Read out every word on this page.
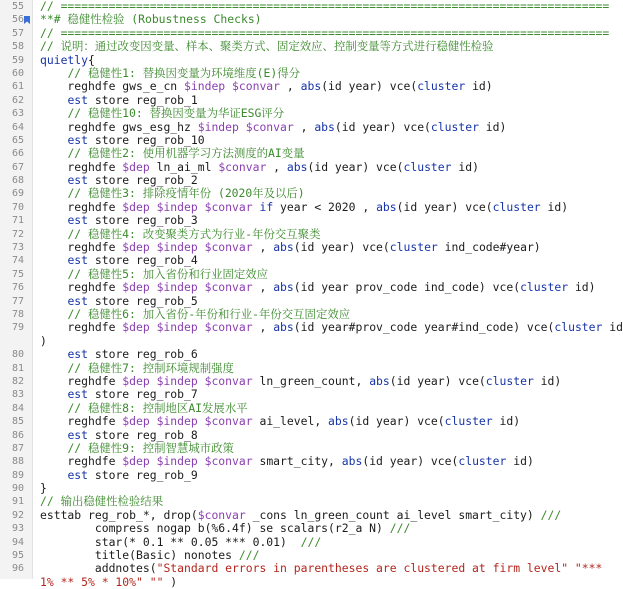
55 // ================================================================================
56 **# 稳健性检验 (Robustness Checks)
57 // ================================================================================
58 // 说明：通过改变因变量、样本、聚类方式、固定效应、控制变量等方式进行稳健性检验
59 quietly{
60	// 稳健性1: 替换因变量为环境维度(E)得分
61 reghdfe gws_e_cn $indep $convar , abs(id year) vce(cluster id)
62	est store reg_rob_1
63	// 稳健性10: 替换因变量为华证ESG评分
64 reghdfe gws_esg_hz $indep $convar , abs(id year) vce(cluster id)
65	est store reg_rob_10
66	// 稳健性2: 使用机器学习方法测度的AI变量
67 reghdfe $dep ln_ai_ml $convar , abs(id year) vce(cluster id)
68	est store reg_rob_2
69	// 稳健性3: 排除疫情年份 (2020年及以后)
70 reghdfe $dep $indep $convar if year < 2020 , abs(id year) vce(cluster id)
71	est store reg_rob_3
72	// 稳健性4: 改变聚类方式为行业-年份交互聚类
73 reghdfe $dep $indep $convar , abs(id year) vce(cluster ind_code#year)
74	est store reg_rob_4
75	// 稳健性5: 加入省份和行业固定效应
76 reghdfe $dep $indep $convar , abs(id year prov_code ind_code) vce(cluster id)
77	est store reg_rob_5
78	// 稳健性6: 加入省份-年份和行业-年份交互固定效应
79 reghdfe $dep $indep $convar , abs(id year#prov_code year#ind_code) vce(cluster id
)
80	est store reg_rob_6
81	// 稳健性7: 控制环境规制强度
82 reghdfe $dep $indep $convar ln_green_count, abs(id year) vce(cluster id)
83	est store reg_rob_7
84	// 稳健性8: 控制地区AI发展水平
85 reghdfe $dep $indep $convar ai_level, abs(id year) vce(cluster id)
86	est store reg_rob_8
87	// 稳健性9: 控制智慧城市政策
88 reghdfe $dep $indep $convar smart_city, abs(id year) vce(cluster id)
89	est store reg_rob_9
90 }
91 // 输出稳健性检验结果
92 esttab reg_rob_*, drop($convar _cons ln_green_count ai_level smart_city) ///
93 compress nogap b(%6.4f) se scalars(r2_a N) ///
94 star(* 0.1 ** 0.05 *** 0.01)  ///
95 title(Basic) nonotes ///
96 addnotes("Standard errors in parentheses are clustered at firm level" "***
1% ** 5% * 10%" "" )
